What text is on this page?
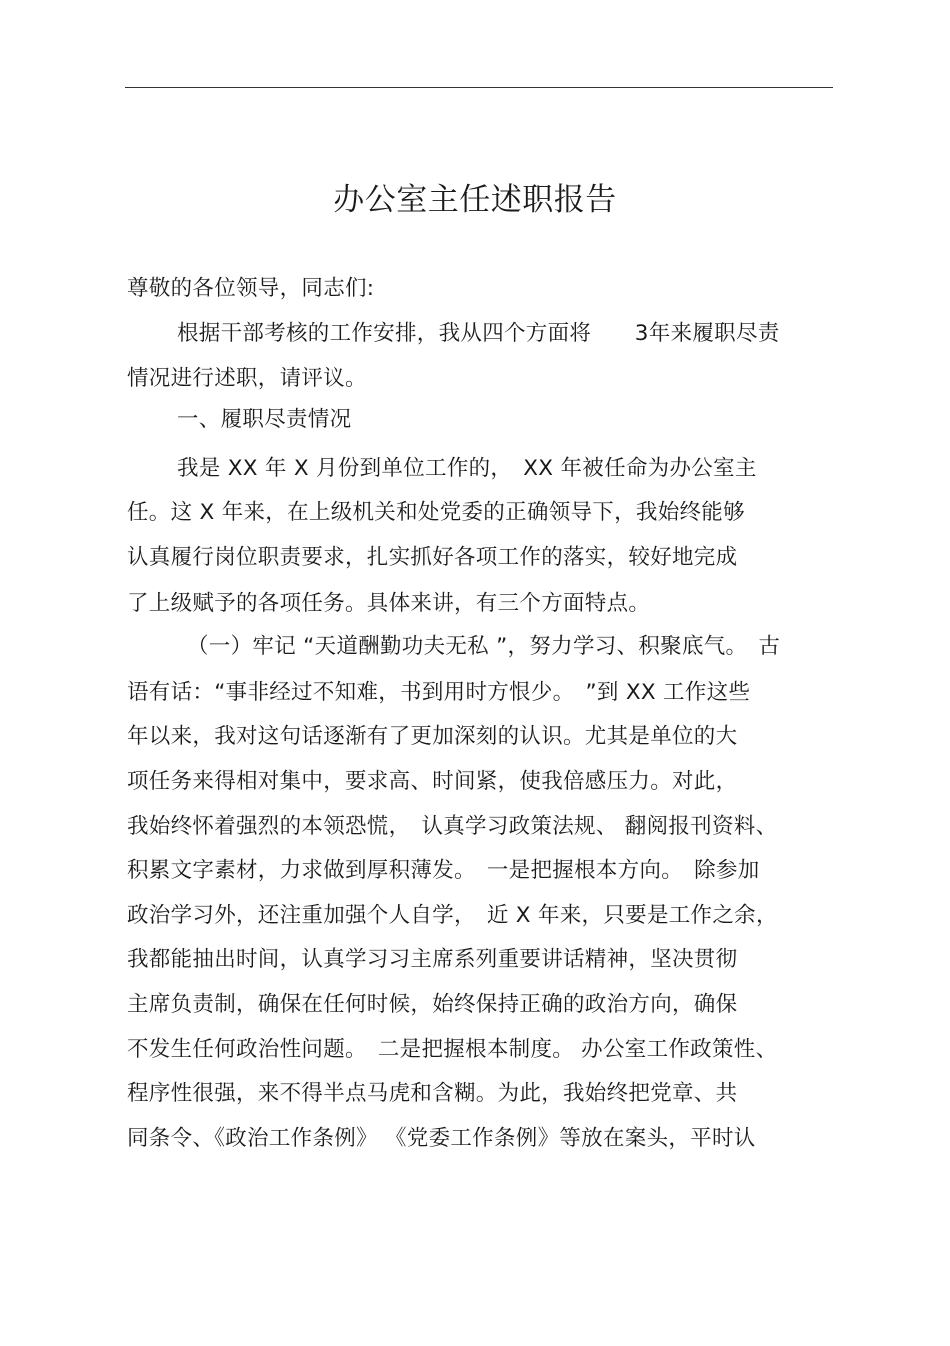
办公室主任述职报告
尊敬的各位领导，同志们:
根据干部考核的工作安排，我从四个方面将　　3年来履职尽责
情况进行述职，请评议。
一、履职尽责情况
我是 XX 年 X 月份到单位工作的，　XX 年被任命为办公室主
任。这 X 年来，在上级机关和处党委的正确领导下，我始终能够
认真履行岗位职责要求，扎实抓好各项工作的落实，较好地完成
了上级赋予的各项任务。具体来讲，有三个方面特点。
（一）牢记 “天道酬勤功夫无私 ”，努力学习、积聚底气。　古
语有话：“事非经过不知难，书到用时方恨少。　”到 XX 工作这些
年以来，我对这句话逐渐有了更加深刻的认识。尤其是单位的大
项任务来得相对集中，要求高、时间紧，使我倍感压力。对此，
我始终怀着强烈的本领恐慌，　认真学习政策法规、 翻阅报刊资料、
积累文字素材，力求做到厚积薄发。　一是把握根本方向。　除参加
政治学习外，还注重加强个人自学，　近 X 年来，只要是工作之余，
我都能抽出时间，认真学习习主席系列重要讲话精神，坚决贯彻
主席负责制，确保在任何时候，始终保持正确的政治方向，确保
不发生任何政治性问题。　二是把握根本制度。 办公室工作政策性、
程序性很强，来不得半点马虎和含糊。为此，我始终把党章、共
同条令、《政治工作条例》 《党委工作条例》等放在案头，平时认
